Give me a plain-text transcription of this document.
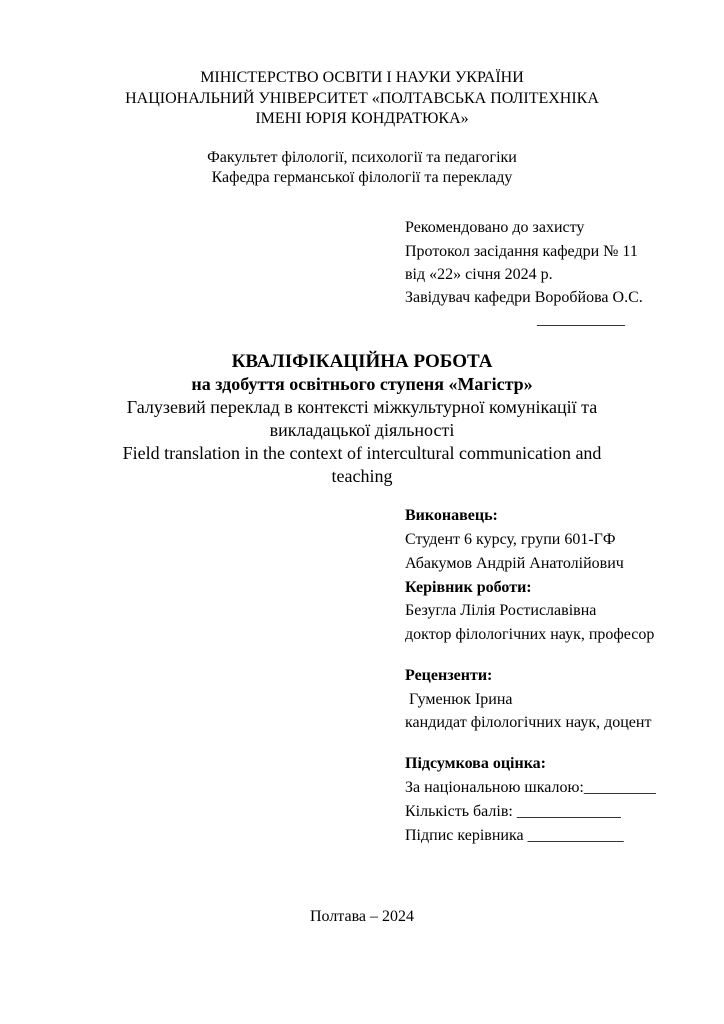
МІНІСТЕРСТВО ОСВІТИ І НАУКИ УКРАЇНИ
НАЦІОНАЛЬНИЙ УНІВЕРСИТЕТ «ПОЛТАВСЬКА ПОЛІТЕХНІКА
ІМЕНІ ЮРІЯ КОНДРАТЮКА»
Факультет філології, психології та педагогіки
Кафедра германської філології та перекладу
Рекомендовано до захисту
Протокол засідання кафедри № 11
від «22» січня 2024 р.
Завідувач кафедри Воробйова О.С.
___________
КВАЛІФІКАЦІЙНА РОБОТА
на здобуття освітнього ступеня «Магістр»
Галузевий переклад в контексті міжкультурної комунікації та
викладацької діяльності
Field translation in the context of intercultural communication and
teaching
Виконавець:
Студент 6 курсу, групи 601-ГФ
Абакумов Андрій Анатолійович
Керівник роботи:
Безугла Лілія Ростиславівна
доктор філологічних наук, професор
Рецензенти:
Гуменюк Ірина
кандидат філологічних наук, доцент
Підсумкова оцінка:
За національною шкалою:_________
Кількість балів: _____________
Підпис керівника ____________
Полтава – 2024
